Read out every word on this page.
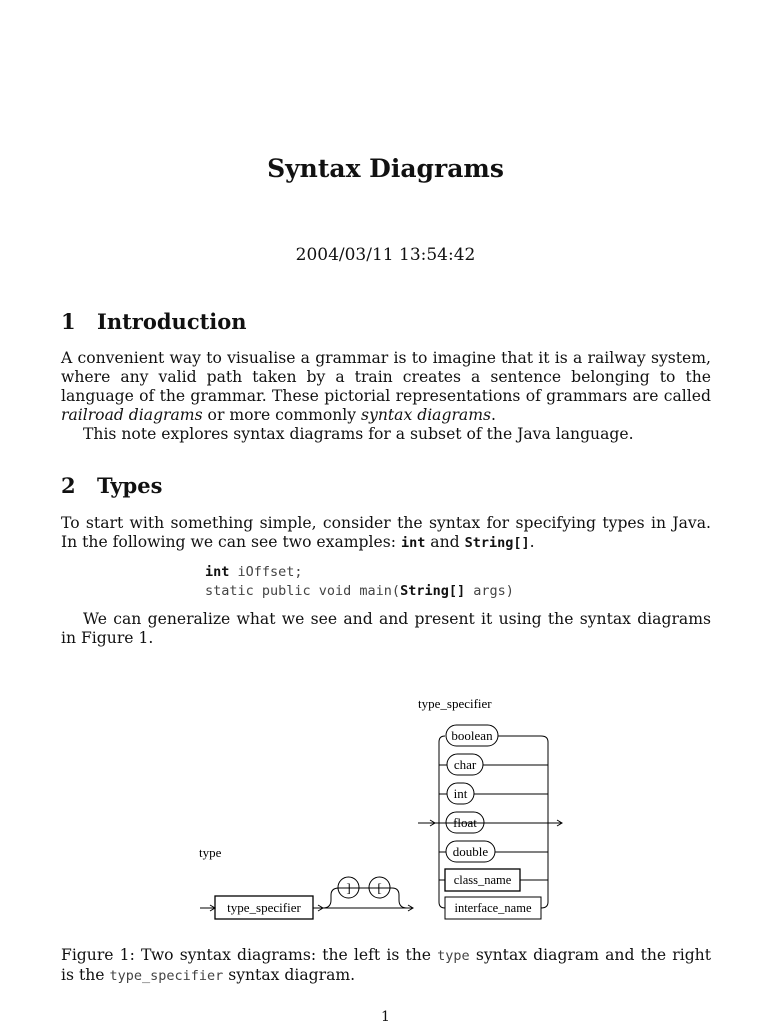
Syntax Diagrams
2004/03/11 13:54:42
1 Introduction

A convenient way to visualise a grammar is to imagine that it is a railway system, where any valid path taken by a train creates a sentence belonging to the language of the grammar. These pictorial representations of grammars are called railroad diagrams or more commonly syntax diagrams.

This note explores syntax diagrams for a subset of the Java language.

2 Types

To start with something simple, consider the syntax for specifying types in Java. In the following we can see two examples: int and String[].

int iOffset;
static public void main(String[] args)

We can generalize what we see and and present it using the syntax diagrams in Figure 1.

type
type_specifier
] [
type_specifier
boolean
char
int
float
double
class_name
interface_name
Figure 1: Two syntax diagrams: the left is the type syntax diagram and the right is the type_specifier syntax diagram.
1
